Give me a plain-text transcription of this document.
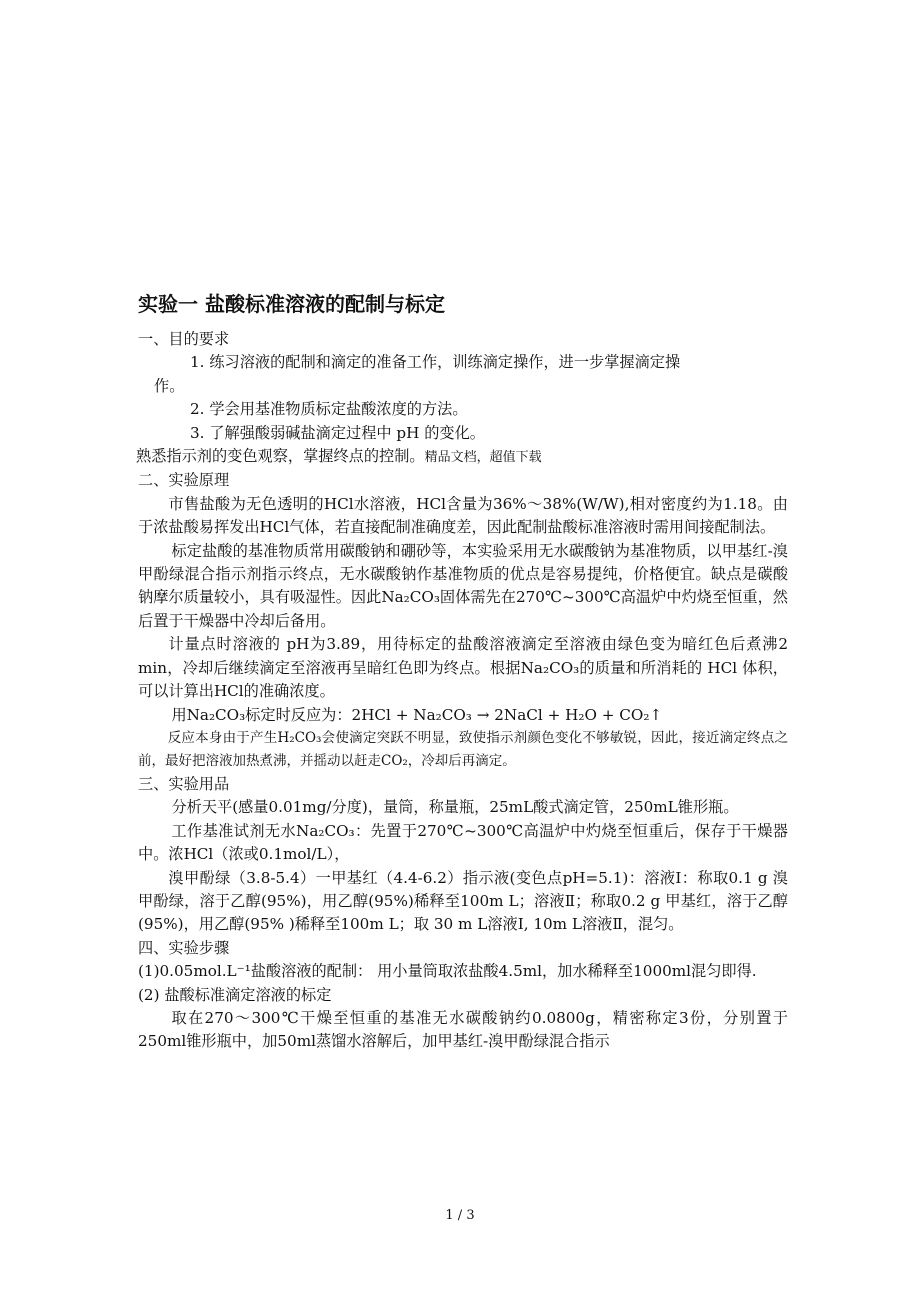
实验一 盐酸标准溶液的配制与标定
一、目的要求
1. 练习溶液的配制和滴定的准备工作，训练滴定操作，进一步掌握滴定操
作。
2. 学会用基准物质标定盐酸浓度的方法。
3. 了解强酸弱碱盐滴定过程中 pH 的变化。
熟悉指示剂的变色观察，掌握终点的控制。精品文档，超值下载
二、实验原理
市售盐酸为无色透明的HCl水溶液，HCl含量为36%～38%(W/W),相对密度约为1.18。由于浓盐酸易挥发出HCl气体，若直接配制准确度差，因此配制盐酸标准溶液时需用间接配制法。
标定盐酸的基准物质常用碳酸钠和硼砂等，本实验采用无水碳酸钠为基准物质，以甲基红-溴甲酚绿混合指示剂指示终点，无水碳酸钠作基准物质的优点是容易提纯，价格便宜。缺点是碳酸钠摩尔质量较小，具有吸湿性。因此Na₂CO₃固体需先在270℃~300℃高温炉中灼烧至恒重，然后置于干燥器中冷却后备用。
计量点时溶液的 pH为3.89，用待标定的盐酸溶液滴定至溶液由绿色变为暗红色后煮沸2 min，冷却后继续滴定至溶液再呈暗红色即为终点。根据Na₂CO₃的质量和所消耗的 HCl 体积，可以计算出HCl的准确浓度。
用Na₂CO₃标定时反应为：2HCl + Na₂CO₃ → 2NaCl + H₂O + CO₂↑
反应本身由于产生H₂CO₃会使滴定突跃不明显，致使指示剂颜色变化不够敏锐，因此，接近滴定终点之前，最好把溶液加热煮沸，并摇动以赶走CO₂，冷却后再滴定。
三、实验用品
分析天平(感量0.01mg/分度)，量筒，称量瓶，25mL酸式滴定管，250mL锥形瓶。
工作基准试剂无水Na₂CO₃：先置于270℃~300℃高温炉中灼烧至恒重后，保存于干燥器中。浓HCl（浓或0.1mol/L），
溴甲酚绿（3.8-5.4）一甲基红（4.4-6.2）指示液(变色点pH=5.1)：溶液Ⅰ：称取0.1 g 溴甲酚绿，溶于乙醇(95%)，用乙醇(95%)稀释至100m L；溶液Ⅱ；称取0.2 g 甲基红，溶于乙醇(95%)，用乙醇(95% )稀释至100m L；取 30 m L溶液I, 10m L溶液Ⅱ，混匀。
四、实验步骤
(1)0.05mol.L⁻¹盐酸溶液的配制： 用小量筒取浓盐酸4.5ml，加水稀释至1000ml混匀即得.
(2) 盐酸标准滴定溶液的标定
取在270～300℃干燥至恒重的基准无水碳酸钠约0.0800g，精密称定3份，分别置于250ml锥形瓶中，加50ml蒸馏水溶解后，加甲基红-溴甲酚绿混合指示
1 / 3
